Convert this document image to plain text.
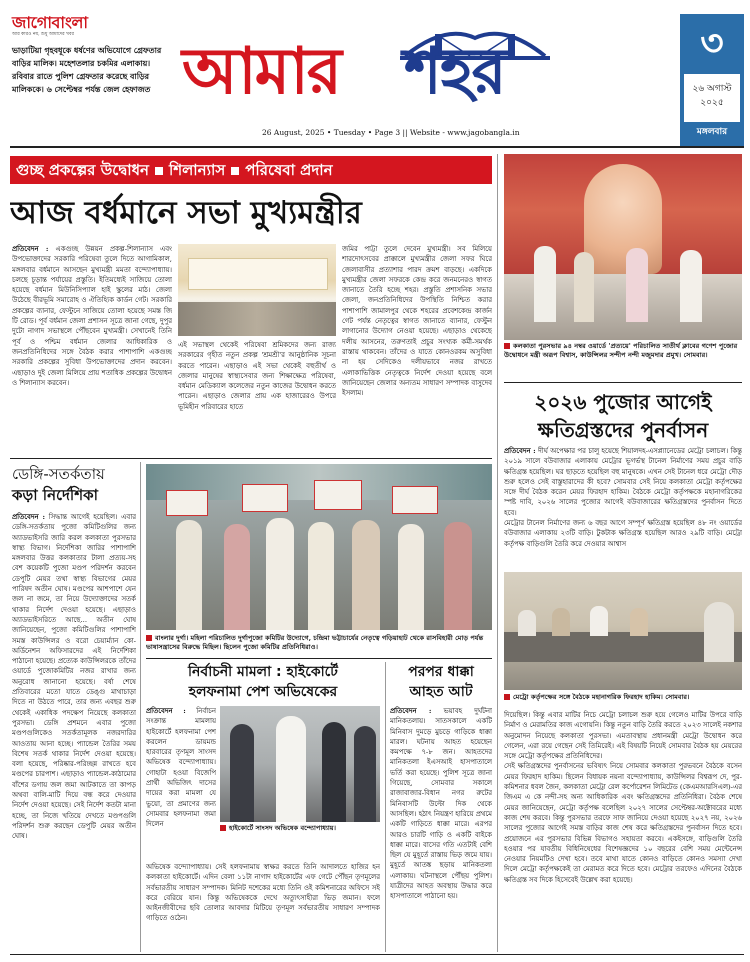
জাগোবাংলা
আর কারও নয়, শুধু আমাদের খবর

ভাড়াটিয়া গৃহবধূকে ধর্ষণের অভিযোগে গ্রেফতার বাড়ির মালিক। মহেশতলার চকমির এলাকায়। রবিবার রাতে পুলিশ গ্রেফতার করেছে বাড়ির মালিককে। ৬ সেপ্টেম্বর পর্যন্ত জেল হেফাজত আমার শহর
26 August, 2025 • Tuesday • Page 3 || Website - www.jagobangla.in
৩
২৬ অগাস্ট ২০২৫
মঙ্গলবার
গুচ্ছ প্রকল্পের উদ্বোধন শিলান্যাস পরিষেবা প্রদান
আজ বর্ধমানে সভা মুখ্যমন্ত্রীর
প্রতিবেদন : একগুচ্ছ উন্নয়ন প্রকল্প-শিলান্যাস এবং উপভোক্তাদের সরকারি পরিষেবা তুলে দিতে আগামিকাল, মঙ্গলবার বর্ধমানে আসছেন মুখ্যমন্ত্রী মমতা বন্দ্যোপাধ্যায়। চলছে চূড়ান্ত পর্যায়ের প্রস্তুতি। ইতিমধ্যেই সাজিয়ে তোলা হয়েছে বর্ধমান মিউনিসিপ্যাল হাই স্কুলের মাঠ। জেলা উঠেছে বীরভূমি সমারোহ ও ঐতিহ্যিক কার্ডন গেট। সরকারি প্রকল্পের ব্যানার, ফেস্টুনে সাজিয়ে তোলা হয়েছে সমস্ত জি টি রোড। পূর্ব বর্ধমান জেলা প্রশাসন সূত্রে জানা গেছে, দুপুর দুটো নাগাদ সভাস্থলে পৌঁছবেন মুখ্যমন্ত্রী। সেখানেই তিনি পূর্ব ও পশ্চিম বর্ধমান জেলার আধিকারিক ও জনপ্রতিনিধিদের সঙ্গে বৈঠক করার পাশাপাশি একগুচ্ছ সরকারি প্রকল্পের সুবিধা উপভোক্তাদের প্রদান করবেন। এছাড়াও দুই জেলা মিলিয়ে প্রায় শতাধিক প্রকল্পের উদ্বোধন ও শিলান্যাস করবেন।
এই সভাস্থল থেকেই পরিষেবা শ্রমিকদের জন্য রাজ্য সরকারের গৃহীত নতুন প্রকল্প 'শ্রমশ্রী'র আনুষ্ঠানিক সূচনা করতে পারেন। এছাড়াও এই সভা থেকেই বহুতীর্থ ও জেলার মানুষের স্বাস্থ্যসেবার জন্য শিক্ষাক্ষেত্র পরিষেবা, বর্ধমান মেডিক্যাল কলেজের নতুন কাজের উদ্বোধন করতে পারেন। এছাড়াও জেলার প্রায় এক হাজারেরও উপরে ভূমিহীন পরিবারের হাতে
জমির পাট্টা তুলে দেবেন মুখ্যমন্ত্রী। সব মিলিয়ে শারদোৎসবের প্রাক্কালে মুখ্যমন্ত্রীর জেলা সফর ঘিরে জেলাবাসীর প্রত্যাশার পারদ ক্রমশ বাড়ছে। একদিকে মুখ্যমন্ত্রীর জেলা সফরকে কেন্দ্র করে জনমনেরও স্বাগত জানাতে তৈরি হচ্ছে শহর। প্রস্তুতি প্রশাসনিক সভার জেলা, জনপ্রতিনিধিদের উপস্থিতি নিশ্চিত করার পাশাপাশি জামালপুর থেকে শহরের প্রবেশকেন্দ্র কার্জন গেট পর্যন্ত নেতৃত্বের স্বাগত জানাতে ব্যানার, ফেস্টুন লাগানোর উদ্যোগ নেওয়া হয়েছে। এছাড়াও থেকেছে দলীয় আসনের, তরুণতাই প্রচুর সংখ্যক কর্মী-সমর্থক রাস্তায় থাকবেন। তাঁদের ও যাতে কোনওরকম অসুবিধা না হয় সেদিকেও দলীয়ভাবে নজর রাখতে এলাকাভিত্তিক নেতৃত্বকে নির্দেশ দেওয়া হয়েছে বলে জানিয়েছেন জেলার অন্যতম সাধারণ সম্পাদক বাসুদেব ইসলাম।
কলকাতা পুরসভার ৯৪ নম্বর ওয়ার্ডে 'প্রত্যয়ে' পরিচালিত সাতীর্থ ক্লাবের গণেশ পুজোর উদ্বোধনে মন্ত্রী অরূপ বিশ্বাস, কাউন্সিলর সন্দীপ নন্দী মজুমদার প্রমুখ। সোমবার।
২০২৬ পুজোর আগেই
ক্ষতিগ্রস্তদের পুনর্বাসন
প্রতিবেদন : দীর্ঘ অপেক্ষার পর চালু হয়েছে শিয়ালদহ-এসপ্ল্যানেডের মেট্রো চলাচল। কিন্তু ২০১৯ সালে বউবাজার এলাকায় মেট্রোর ভূগর্ভস্থ টানেল নির্মাণের সময় প্রচুর বাড়ি ক্ষতিগ্রস্ত হয়েছিল। ঘর ছাড়তে হয়েছিল বহু মানুষকে। এখন সেই টানেল ধরে মেট্রো দৌড় শুরু হলেও সেই বাস্তুহারাদের কী হবে? সোমবার সেই নিয়ে কলকাতা মেট্রো কর্তৃপক্ষের সঙ্গে দীর্ঘ বৈঠক করেন মেয়র ফিরহাদ হাকিম। বৈঠকে মেট্রো কর্তৃপক্ষকে মহানাগরিকের স্পষ্ট দাবি, ২০২৬ সালের পুজোর আগেই বউবাজারের ক্ষতিগ্রস্তদের পুনর্বাসন দিতে হবে।
মেট্রোর টানেল নির্মাণের জন্য ৬ বছর আগে সম্পূর্ণ ক্ষতিগ্রস্ত হয়েছিল ৪৮ নং ওয়ার্ডের বউবাজার এলাকায় ২৩টি বাড়ি। টুকটাক ক্ষতিগ্রস্ত হয়েছিল আরও ২৯টি বাড়ি। মেট্রো কর্তৃপক্ষ বাড়িগুলি তৈরি করে দেওয়ার আশ্বাস
মেট্রো কর্তৃপক্ষের সঙ্গে বৈঠকে মহানাগরিক ফিরহাদ হাকিম। সোমবার।
দিয়েছিল। কিন্তু এবার মাটির নিচে মেট্রো চলাচল শুরু হয়ে গেলেও মাটির উপরে বাড়ি নির্মাণ ও মেরামতির কাজ এগোয়নি। কিন্তু নতুন বাড়ি তৈরি করতে ২০২৩ সালেই নকশার অনুমোদন নিয়েছে কলকাতা পুরসভা। এমতাবস্থায় প্রধানমন্ত্রী মেট্রো উদ্বোধন করে গেলেন, এরা রয়ে গেছেন সেই তিমিরেই। এই বিষয়টি নিয়েই সোমবার বৈঠক হয় মেয়রের সঙ্গে মেট্রো কর্তৃপক্ষের প্রতিনিধিদের।
সেই ক্ষতিগ্রস্তদের পুনর্বাসনের ভবিষ্যৎ নিয়ে সোমবার কলকাতা পুরভবনে বৈঠকে বসেন মেয়র ফিরহাদ হাকিম। ছিলেন বিধায়ক নয়না বন্দ্যোপাধ্যায়, কাউন্সিলর বিশ্বরূপ দে, পুর-কমিশনার ধবল জৈন, কলকাতা মেট্রো রেল কর্পোরেশন লিমিটেড (কেএমআরসিএল)-এর জিএম এ কে নন্দী-সহ অন্য আধিকারিক এবং ক্ষতিগ্রস্তদের প্রতিনিধিরা। বৈঠক শেষে মেয়র জানিয়েছেন, মেট্রো কর্তৃপক্ষ বলেছিল ২০২৭ সালের সেপ্টেম্বর-অক্টোবরের মধ্যে কাজ শেষ করবে। কিন্তু পুরসভার তরফে সাফ জানিয়ে দেওয়া হয়েছে ২০২৭ নয়, ২০২৬ সালের পুজোর আগেই সমস্ত বাড়ির কাজ শেষ করে ক্ষতিগ্রস্তদের পুনর্বাসন দিতে হবে। প্রয়োজনে এর পুরসভার বিভিন্ন বিভাগও সহায়তা করবে। একইসঙ্গে, বাড়িগুলি তৈরি হওয়ার পর যাবতীয় বিধিনিষেধের বিশেষজ্ঞদের ১০ বছরের বেশি সময় মেন্টেনেন্স নেওয়ার নিয়মটিও দেখা হবে। তবে মাথা যাতে কোনও বাড়িতে কোনও সমস্যা দেখা দিলে মেট্রো কর্তৃপক্ষকেই তা মেরামত করে দিতে হবে। মেট্রোর তরফেও এদিনের বৈঠকে ক্ষতিগ্রস্ত সব দিকে হিসেবেই উল্লেখ করা হয়েছে।
ডেঙ্গি-সতর্কতায়
কড়া নির্দেশিকা
প্রতিবেদন : সিদ্ধান্ত আগেই হয়েছিল। এবার ডেঙ্গি-সতর্কতায় পুজো কমিটিগুলির জন্য অ্যাডভাইসরি জারি করল কলকাতা পুরসভার স্বাস্থ্য বিভাগ। নির্দেশিকা জারির পাশাপাশি মঙ্গলবার উত্তর কলকাতার টালা প্রত্যয়-সহ বেশ কয়েকটি পুজো মণ্ডপ পরিদর্শন করবেন ডেপুটি মেয়র তথা স্বাস্থ্য বিভাগের মেয়র পারিষদ অতীন ঘোষ। মণ্ডপের আশপাশে যেন জল না জমে, তা নিয়ে উদ্যোক্তাদের সতর্ক থাকার নির্দেশ দেওয়া হয়েছে। এছাড়াও অ্যাডভাইসরিতে আছে... অতীন ঘোষ জানিয়েছেন, পুজো কমিটিগুলির পাশাপাশি সমস্ত কাউন্সিলর ও বরো চেয়ার্ম্যান কো-অর্ডিনেশন অফিসারদের এই নির্দেশিকা পাঠানো হয়েছে। প্রত্যেক কাউন্সিলরকে তাঁদের ওয়ার্ডে পুজোকমিটির নজর রাখার জন্য অনুরোধ জানানো হয়েছে। বর্ষা শেষে প্রতিবারের মতো যাতে ডেঙ্গু মাথাচাড়া দিতে না উঠতে পারে, তার জন্য এবছর শুরু থেকেই একাধিক পদক্ষেপ নিয়েছে কলকাতা পুরসভা। ডেঙ্গি প্রশমনে এবার পুজো মণ্ডপগুলিকেও সতর্কতামূলক নজরদারির আওতায় আনা হচ্ছে। প্যান্ডেল তৈরির সময় বিশেষ সতর্ক থাকার নির্দেশ দেওয়া হয়েছে। বলা হয়েছে, পরিষ্কার-পরিচ্ছন্ন রাখতে হবে মণ্ডপের চারপাশ। এছাড়াও প্যান্ডেল-কাঠামোর বাঁশের ডগায় জল জমা আটকাতে তা কাপড় অথবা বালি-মাটি দিয়ে বন্ধ করে দেওয়ার নির্দেশ দেওয়া হয়েছে। সেই নির্দেশ কতটা মানা হচ্ছে, তা নিজে খতিয়ে দেখতে মণ্ডপগুলি পরিদর্শন শুরু করছেন ডেপুটি মেয়র অতীন ঘোষ।
বাংলার দুর্গা। মহিলা পরিচালিত দুর্গাপুজো কমিটির উদ্যোগে, চন্দ্রিমা ভট্টাচার্যের নেতৃত্বে গড়িয়াহাট থেকে রাসবিহারী মোড় পর্যন্ত ভাষাসন্ত্রাসের বিরুদ্ধে মিছিল। ছিলেন পুজো কমিটির প্রতিনিধিরাও।
নির্বাচনী মামলা : হাইকোর্টে
হলফনামা পেশ অভিষেকের
প্রতিবেদন : নির্বাচন সংক্রান্ত মামলায় হাইকোর্টে হলফনামা পেশ করলেন ডায়মন্ড হারবারের তৃণমূল সাংসদ অভিষেক বন্দ্যোপাধ্যায়। গোহাটা হওয়া বিজেপি প্রার্থী অভিজিৎ দাসের দায়ের করা মামলা যে ভুয়ো, তা প্রমাণের জন্য সোমবার হলফনামা জমা দিলেন	হাইকোর্টে সাংসদ অভিষেক বন্দ্যোপাধ্যায়।
অভিষেক বন্দ্যোপাধ্যায়। সেই হলফনামায় স্বাক্ষর করতে তিনি আদালতে হাজির হন কলকাতা হাইকোর্টে। এদিন বেলা ১১টা নাগাদ হাইকোর্টের এফ গেটে পৌঁছন তৃণমূলের সর্বভারতীয় সাধারণ সম্পাদক। মিনিট দশেকের মধ্যে তিনি ওই কমিশনারের অফিসে সই করে বেরিয়ে যান। কিন্তু অভিষেককে দেখে অত্যুৎসাহীরা ভিড় জমান। ফলে আইনজীবীদের ছবি তোলার আবদার মিটিয়ে তৃণমূল সর্বভারতীয় সাধারণ সম্পাদক গাড়িতে ওঠেন।
পরপর ধাক্কা
আহত আট
প্রতিবেদন : ভয়াবহ দুর্ঘটনা মানিকতলায়। সাতসকালে একটি মিনিবাস দুমড়ে মুচড়ে গাড়িকে ধাক্কা মারল। ঘটনায় আহত হয়েছেন কমপক্ষে ৭-৮ জন। আহতদের মানিকতলা ইএসআই হাসপাতালে ভর্তি করা হয়েছে। পুলিশ সূত্রে জানা গিয়েছে, সোমবার সকালে রাজাবাজার-বিধান নগর রুটের মিনিবাসটি উল্টো দিক থেকে আসছিল। হঠাৎ নিয়ন্ত্রণ হারিয়ে প্রথমে একটি গাড়িতে ধাক্কা মারে। এরপর আরও চারটি গাড়ি ও একটি বাইকে ধাক্কা মারে। বাসের গতি এতটাই বেশি ছিল যে মুহূর্তে রাস্তায় ভিড় জমে যায়। মুহূর্তে আতঙ্ক ছড়ায় মানিকতলা এলাকায়। ঘটনাস্থলে পৌঁছয় পুলিশ। যাত্রীদের আহত অবস্থায় উদ্ধার করে হাসপাতালে পাঠানো হয়।
